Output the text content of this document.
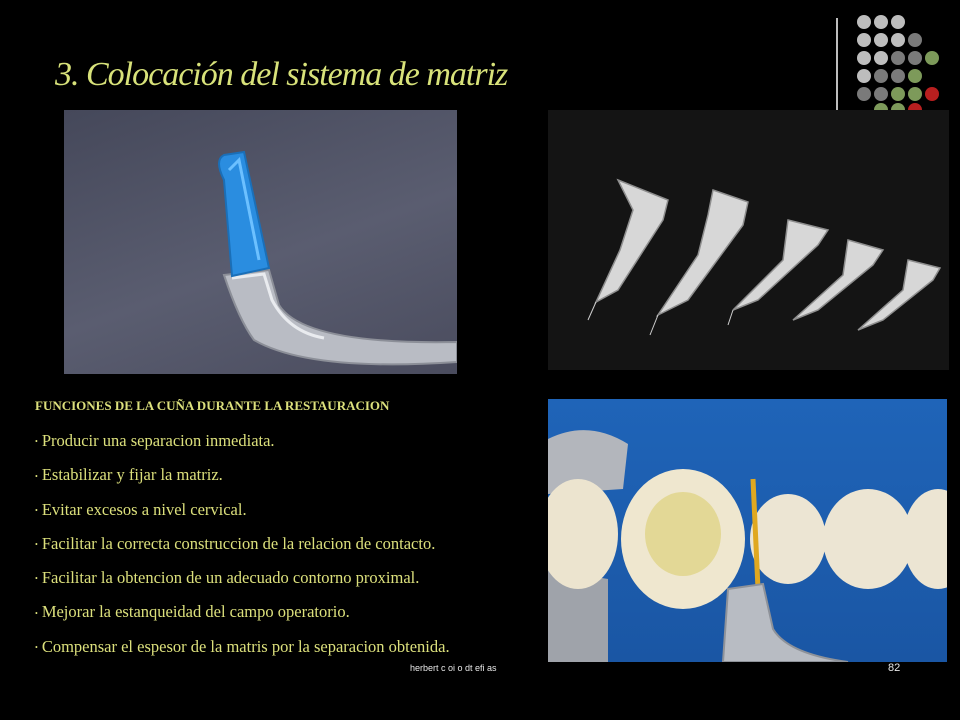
3. Colocación del sistema de matriz
FUNCIONES DE LA CUÑA DURANTE LA RESTAURACION
• Producir una separacion inmediata.
• Estabilizar y fijar la matriz.
• Evitar excesos a nivel cervical.
• Facilitar la correcta construccion de la relacion de contacto.
• Facilitar la obtencion de un adecuado contorno proximal.
• Mejorar la estanqueidad del campo operatorio.
• Compensar el espesor de la matris por la separacion obtenida.
herbert c oi o dt efi as	82
